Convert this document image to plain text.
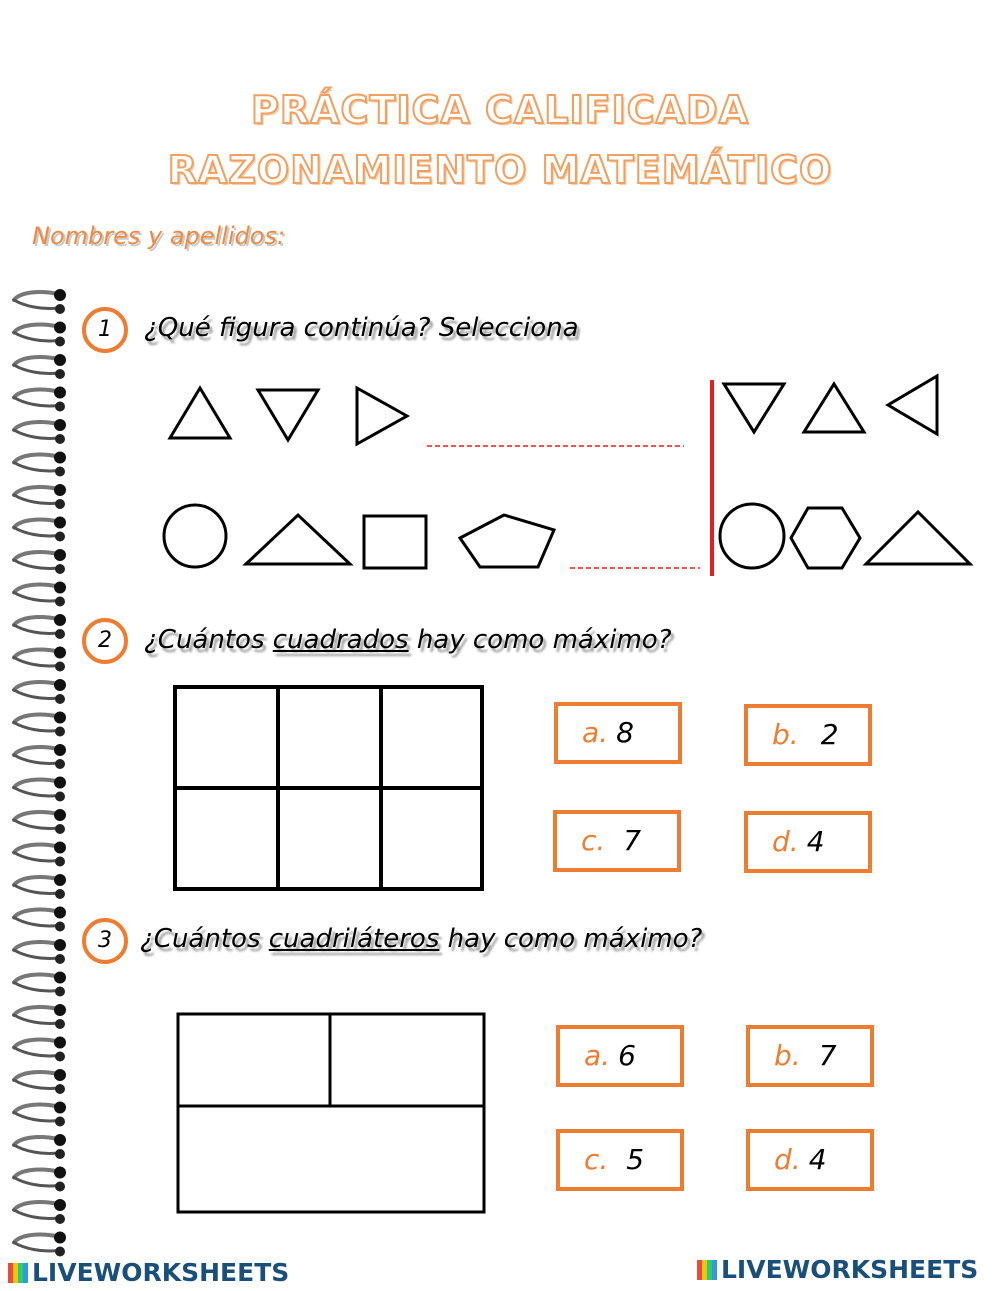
PRÁCTICA CALIFICADA
RAZONAMIENTO MATEMÁTICO
Nombres y apellidos:
1	¿Qué figura continúa? Selecciona
2	¿Cuántos cuadrados hay como máximo?
a. 8	b. 2
c. 7	d. 4
3	¿Cuántos cuadriláteros hay como máximo?
a. 6	b. 7
c. 5	d. 4
LIVEWORKSHEETS	LIVEWORKSHEETS
